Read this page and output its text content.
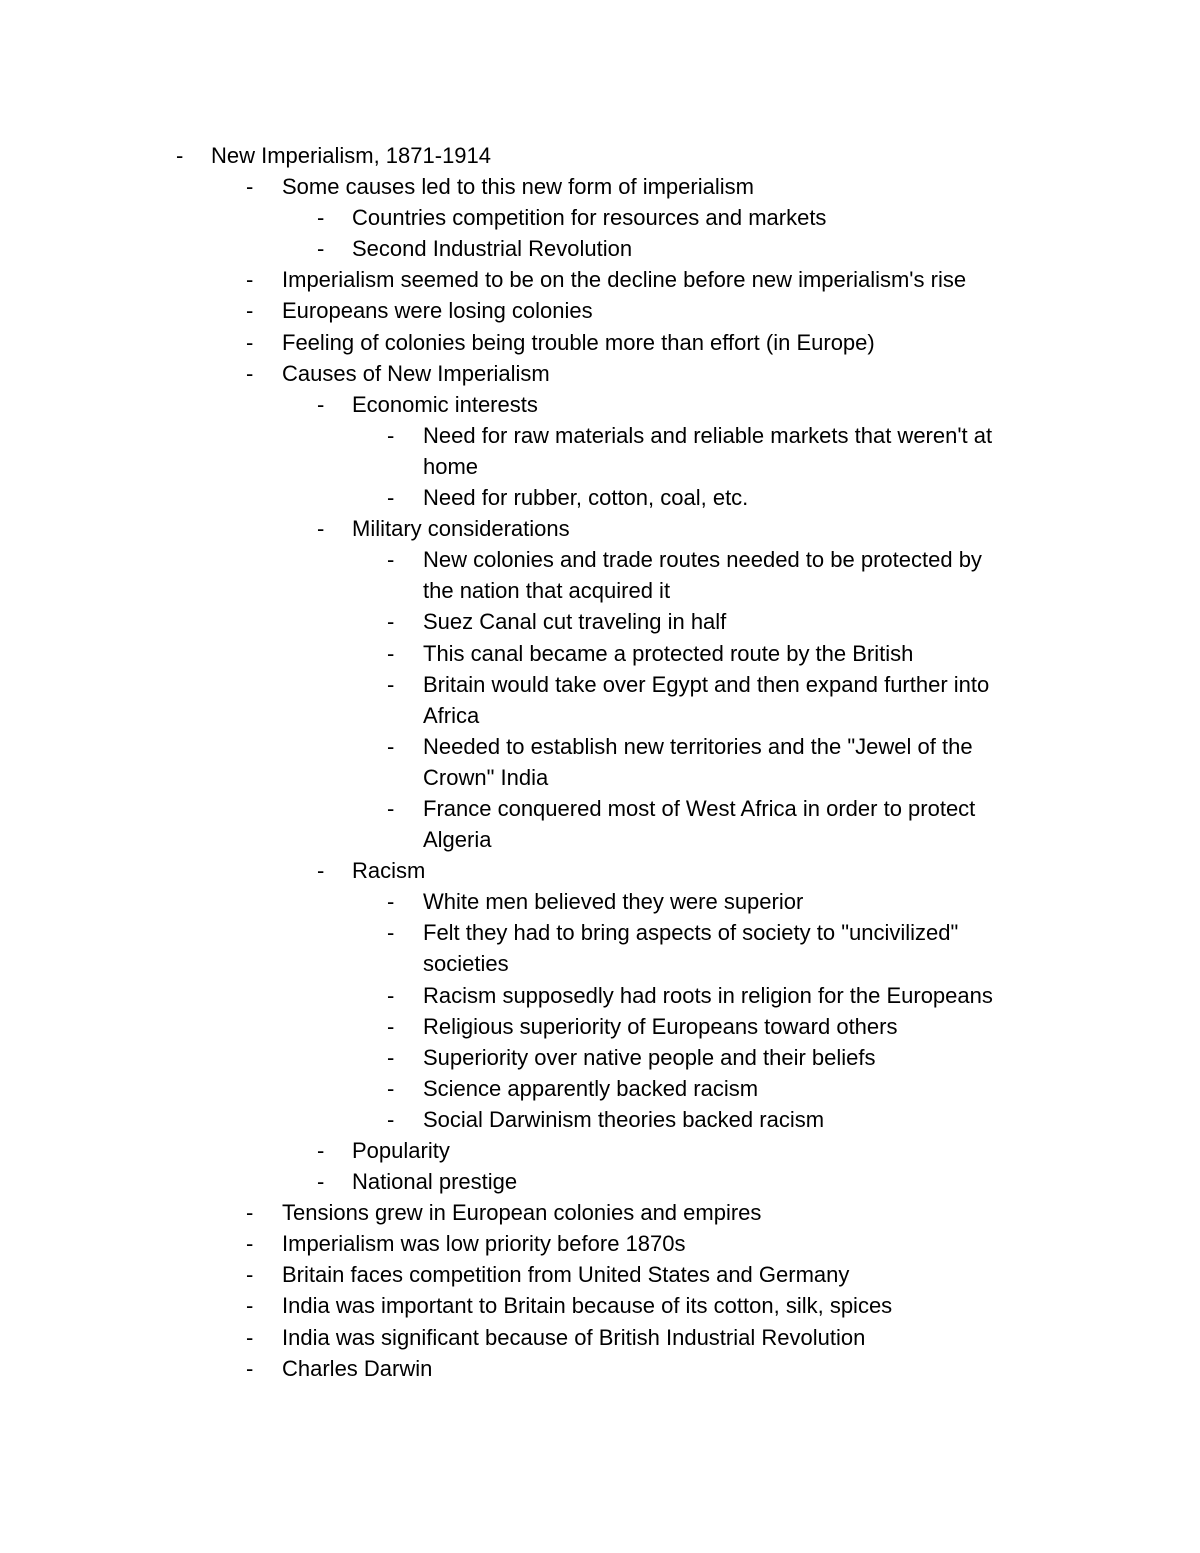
- New Imperialism, 1871-1914
- Some causes led to this new form of imperialism
- Countries competition for resources and markets
- Second Industrial Revolution
- Imperialism seemed to be on the decline before new imperialism's rise
- Europeans were losing colonies
- Feeling of colonies being trouble more than effort (in Europe)
- Causes of New Imperialism
- Economic interests
- Need for raw materials and reliable markets that weren't at
home
- Need for rubber, cotton, coal, etc.
- Military considerations
- New colonies and trade routes needed to be protected by
the nation that acquired it
- Suez Canal cut traveling in half
- This canal became a protected route by the British
- Britain would take over Egypt and then expand further into
Africa
- Needed to establish new territories and the "Jewel of the
Crown" India
- France conquered most of West Africa in order to protect
Algeria
- Racism
- White men believed they were superior
- Felt they had to bring aspects of society to "uncivilized"
societies
- Racism supposedly had roots in religion for the Europeans
- Religious superiority of Europeans toward others
- Superiority over native people and their beliefs
- Science apparently backed racism
- Social Darwinism theories backed racism
- Popularity
- National prestige
- Tensions grew in European colonies and empires
- Imperialism was low priority before 1870s
- Britain faces competition from United States and Germany
- India was important to Britain because of its cotton, silk, spices
- India was significant because of British Industrial Revolution
- Charles Darwin
